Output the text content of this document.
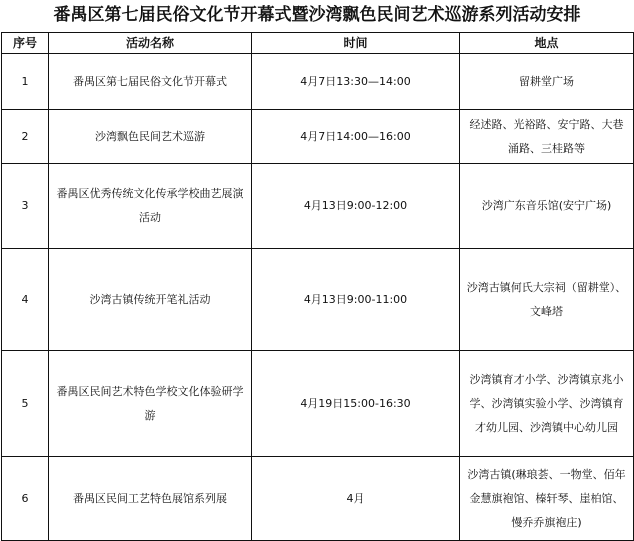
番禺区第七届民俗文化节开幕式暨沙湾飘色民间艺术巡游系列活动安排
序号	活动名称	时间	地点
1	番禺区第七届民俗文化节开幕式	4月7日13:30—14:00	留耕堂广场

2	沙湾飘色民间艺术巡游	4月7日14:00—16:00	经述路、光裕路、安宁路、大巷涌路、三桂路等

3	番禺区优秀传统文化传承学校曲艺展演活动	4月13日9:00-12:00	沙湾广东音乐馆(安宁广场)

4	沙湾古镇传统开笔礼活动	4月13日9:00-11:00	沙湾古镇何氏大宗祠（留耕堂）、文峰塔

5	番禺区民间艺术特色学校文化体验研学游	4月19日15:00-16:30	沙湾镇育才小学、沙湾镇京兆小学、沙湾镇实验小学、沙湾镇育才幼儿园、沙湾镇中心幼儿园

6	番禺区民间工艺特色展馆系列展	4月	沙湾古镇(琳琅荟、一物堂、佰年金慧旗袍馆、榛轩琴、崖柏馆、慢乔乔旗袍庄)
